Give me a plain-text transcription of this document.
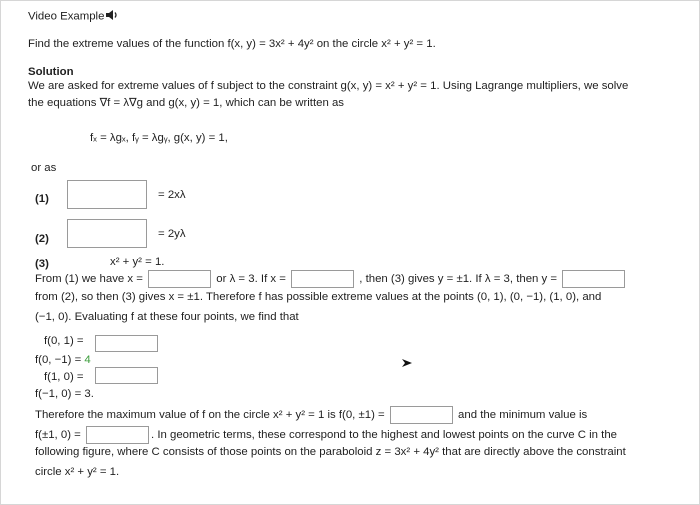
Video Example
Find the extreme values of the function f(x, y) = 3x² + 4y² on the circle x² + y² = 1.
Solution
We are asked for extreme values of f subject to the constraint g(x, y) = x² + y² = 1. Using Lagrange multipliers, we solve
the equations ∇f = λ∇g and g(x, y) = 1, which can be written as
fₓ = λgₓ, fᵧ = λgᵧ, g(x, y) = 1,
or as
(1)	= 2xλ
(2)	= 2yλ
(3)	x² + y² = 1.
From (1) we have x =	or λ = 3. If x =	, then (3) gives y = ±1. If λ = 3, then y =
from (2), so then (3) gives x = ±1. Therefore f has possible extreme values at the points (0, 1), (0, −1), (1, 0), and
(−1, 0). Evaluating f at these four points, we find that
f(0, 1) =
f(0, −1) = 4
f(1, 0) =
f(−1, 0) = 3.
Therefore the maximum value of f on the circle x² + y² = 1 is f(0, ±1) =	and the minimum value is
f(±1, 0) =	. In geometric terms, these correspond to the highest and lowest points on the curve C in the
following figure, where C consists of those points on the paraboloid z = 3x² + 4y² that are directly above the constraint
circle x² + y² = 1.
